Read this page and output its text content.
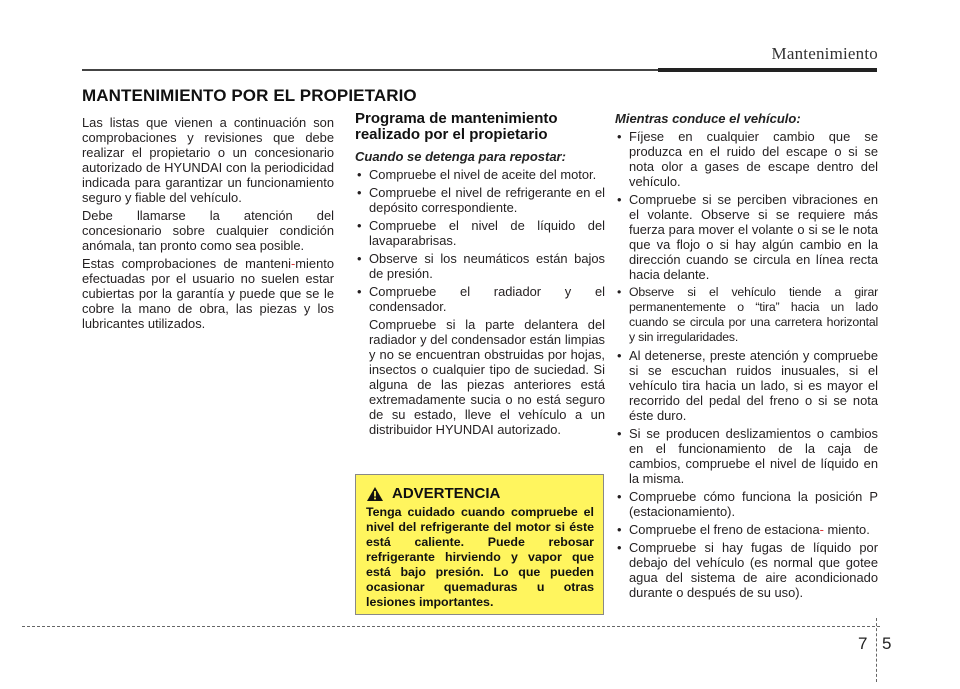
Mantenimiento
MANTENIMIENTO POR EL PROPIETARIO

Las listas que vienen a continuación son comprobaciones y revisiones que debe realizar el propietario o un concesionario autorizado de HYUNDAI con la periodicidad indicada para garantizar un funcionamiento seguro y fiable del vehículo.

Debe llamarse la atención del concesionario sobre cualquier condición anómala, tan pronto como sea posible.

Estas comprobaciones de manteni-miento efectuadas por el usuario no suelen estar cubiertas por la garantía y puede que se le cobre la mano de obra, las piezas y los lubricantes utilizados.

Programa de mantenimiento realizado por el propietario
Cuando se detenga para repostar:
• Compruebe el nivel de aceite del motor.
• Compruebe el nivel de refrigerante en el depósito correspondiente.
• Compruebe el nivel de líquido del lavaparabrisas.
• Observe si los neumáticos están bajos de presión.
• Compruebe el radiador y el condensador.
Compruebe si la parte delantera del radiador y del condensador están limpias y no se encuentran obstruidas por hojas, insectos o cualquier tipo de suciedad. Si alguna de las piezas anteriores está extremadamente sucia o no está seguro de su estado, lleve el vehículo a un distribuidor HYUNDAI autorizado.
ADVERTENCIA
Tenga cuidado cuando compruebe el nivel del refrigerante del motor si éste está caliente. Puede rebosar refrigerante hirviendo y vapor que está bajo presión. Lo que pueden ocasionar quemaduras u otras lesiones importantes.
Mientras conduce el vehículo:
• Fíjese en cualquier cambio que se produzca en el ruido del escape o si se nota olor a gases de escape dentro del vehículo.
• Compruebe si se perciben vibraciones en el volante. Observe si se requiere más fuerza para mover el volante o si se le nota que va flojo o si hay algún cambio en la dirección cuando se circula en línea recta hacia delante.
• Observe si el vehículo tiende a girar permanentemente o “tira” hacia un lado cuando se circula por una carretera horizontal y sin irregularidades.
• Al detenerse, preste atención y compruebe si se escuchan ruidos inusuales, si el vehículo tira hacia un lado, si es mayor el recorrido del pedal del freno o si se nota éste duro.
• Si se producen deslizamientos o cambios en el funcionamiento de la caja de cambios, compruebe el nivel de líquido en la misma.
• Compruebe cómo funciona la posición P (estacionamiento).
• Compruebe el freno de estaciona- miento.
• Compruebe si hay fugas de líquido por debajo del vehículo (es normal que gotee agua del sistema de aire acondicionado durante o después de su uso).
7 5
